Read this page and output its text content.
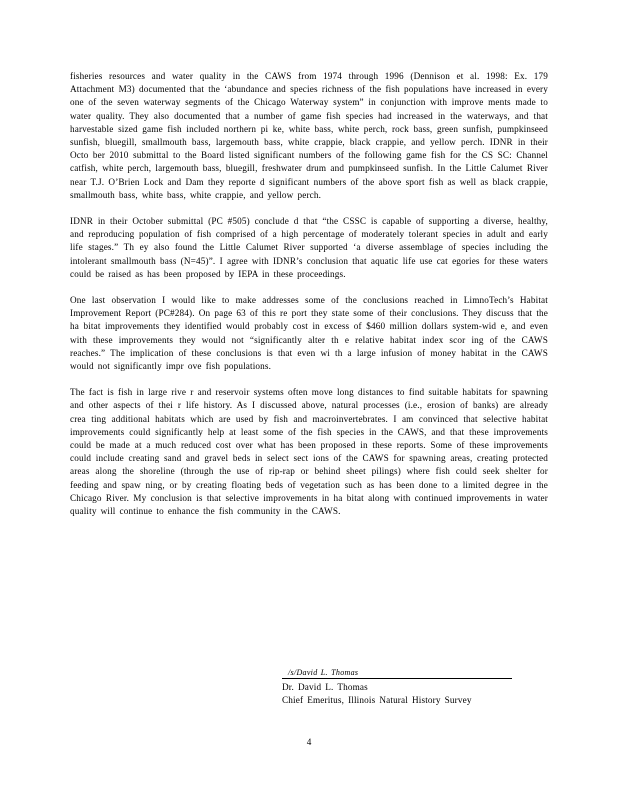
fisheries resources and water quality in the CAWS from 1974 through 1996 (Dennison et al. 1998: Ex. 179 Attachment M3) documented that the ‘abundance and species richness of the fish populations have increased in every one of the seven waterway segments of the Chicago Waterway system” in conjunction with improve ments made to water quality. They also documented that a number of game fish species had increased in the waterways, and that harvestable sized game fish included northern pi ke, white bass, white perch, rock bass, green sunfish, pumpkinseed sunfish, bluegill, smallmouth bass, largemouth bass, white crappie, black crappie, and yellow perch. IDNR in their Octo ber 2010 submittal to the Board listed significant numbers of the following game fish for the CS SC: Channel catfish, white perch, largemouth bass, bluegill, freshwater drum and pumpkinseed sunfish. In the Little Calumet River near T.J. O’Brien Lock and Dam they reporte d significant numbers of the above sport fish as well as black crappie, smallmouth bass, white bass, white crappie, and yellow perch.

IDNR in their October submittal (PC #505) conclude d that “the CSSC is capable of supporting a diverse, healthy, and reproducing population of fish comprised of a high percentage of moderately tolerant species in adult and early life stages.” Th ey also found the Little Calumet River supported ‘a diverse assemblage of species including the intolerant smallmouth bass (N=45)”. I agree with IDNR’s conclusion that aquatic life use cat egories for these waters could be raised as has been proposed by IEPA in these proceedings.

One last observation I would like to make addresses some of the conclusions reached in LimnoTech’s Habitat Improvement Report (PC#284). On page 63 of this re port they state some of their conclusions. They discuss that the ha bitat improvements they identified would probably cost in excess of $460 million dollars system-wid e, and even with these improvements they would not “significantly alter th e relative habitat index scor ing of the CAWS reaches.” The implication of these conclusions is that even wi th a large infusion of money habitat in the CAWS would not significantly impr ove fish populations.

The fact is fish in large rive r and reservoir systems often move long distances to find suitable habitats for spawning and other aspects of thei r life history. As I discussed above, natural processes (i.e., erosion of banks) are already crea ting additional habitats which are used by fish and macroinvertebrates. I am convinced that selective habitat improvements could significantly help at least some of the fish species in the CAWS, and that these improvements could be made at a much reduced cost over what has been proposed in these reports. Some of these improvements could include creating sand and gravel beds in select sect ions of the CAWS for spawning areas, creating protected areas along the shoreline (through the use of rip-rap or behind sheet pilings) where fish could seek shelter for feeding and spaw ning, or by creating floating beds of vegetation such as has been done to a limited degree in the Chicago River. My conclusion is that selective improvements in ha bitat along with continued improvements in water quality will continue to enhance the fish community in the CAWS.

/s/David L. Thomas
Dr. David L. Thomas
Chief Emeritus, Illinois Natural History Survey
4
